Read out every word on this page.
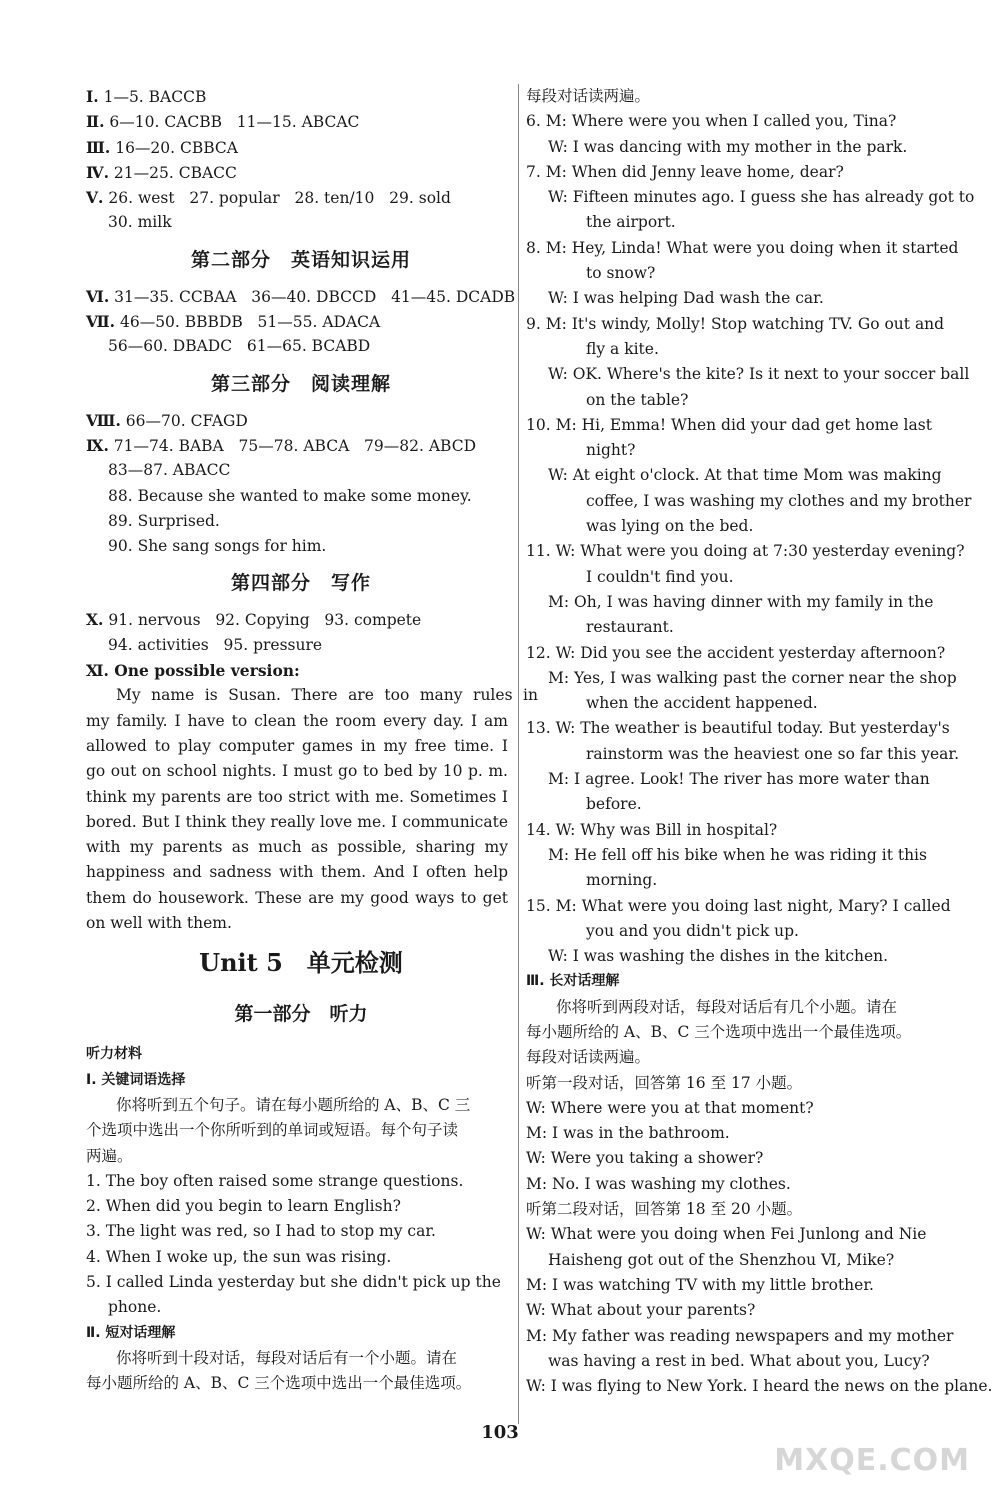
Ⅰ. 1—5. BACCB
Ⅱ. 6—10. CACBB   11—15. ABCAC
Ⅲ. 16—20. CBBCA
Ⅳ. 21—25. CBACC
Ⅴ. 26. west   27. popular   28. ten/10   29. sold
30. milk
第二部分　英语知识运用
Ⅵ. 31—35. CCBAA   36—40. DBCCD   41—45. DCADB
Ⅶ. 46—50. BBBDB   51—55. ADACA
56—60. DBADC   61—65. BCABD
第三部分　阅读理解
Ⅷ. 66—70. CFAGD
Ⅸ. 71—74. BABA   75—78. ABCA   79—82. ABCD
83—87. ABACC
88. Because she wanted to make some money.
89. Surprised.
90. She sang songs for him.
第四部分　写作
Ⅹ. 91. nervous   92. Copying   93. compete
94. activities   95. pressure
Ⅺ. One possible version:
My name is Susan. There are too many rules in
my family. I have to clean the room every day. I am
allowed to play computer games in my free time. I
go out on school nights. I must go to bed by 10 p. m.
think my parents are too strict with me. Sometimes I
bored. But I think they really love me. I communicate
with my parents as much as possible, sharing my
happiness and sadness with them. And I often help
them do housework. These are my good ways to get
on well with them.
Unit 5　单元检测
第一部分　听力
听力材料
Ⅰ. 关键词语选择
你将听到五个句子。请在每小题所给的 A、B、C 三
个选项中选出一个你所听到的单词或短语。每个句子读
两遍。
1. The boy often raised some strange questions.
2. When did you begin to learn English?
3. The light was red, so I had to stop my car.
4. When I woke up, the sun was rising.
5. I called Linda yesterday but she didn't pick up the
phone.
Ⅱ. 短对话理解
你将听到十段对话，每段对话后有一个小题。请在
每小题所给的 A、B、C 三个选项中选出一个最佳选项。
每段对话读两遍。
6. M: Where were you when I called you, Tina?
W: I was dancing with my mother in the park.
7. M: When did Jenny leave home, dear?
W: Fifteen minutes ago. I guess she has already got to
the airport.
8. M: Hey, Linda! What were you doing when it started
to snow?
W: I was helping Dad wash the car.
9. M: It's windy, Molly! Stop watching TV. Go out and
fly a kite.
W: OK. Where's the kite? Is it next to your soccer ball
on the table?
10. M: Hi, Emma! When did your dad get home last
night?
W: At eight o'clock. At that time Mom was making
coffee, I was washing my clothes and my brother
was lying on the bed.
11. W: What were you doing at 7:30 yesterday evening?
I couldn't find you.
M: Oh, I was having dinner with my family in the
restaurant.
12. W: Did you see the accident yesterday afternoon?
M: Yes, I was walking past the corner near the shop
when the accident happened.
13. W: The weather is beautiful today. But yesterday's
rainstorm was the heaviest one so far this year.
M: I agree. Look! The river has more water than
before.
14. W: Why was Bill in hospital?
M: He fell off his bike when he was riding it this
morning.
15. M: What were you doing last night, Mary? I called
you and you didn't pick up.
W: I was washing the dishes in the kitchen.
Ⅲ. 长对话理解
你将听到两段对话，每段对话后有几个小题。请在
每小题所给的 A、B、C 三个选项中选出一个最佳选项。
每段对话读两遍。
听第一段对话，回答第 16 至 17 小题。
W: Where were you at that moment?
M: I was in the bathroom.
W: Were you taking a shower?
M: No. I was washing my clothes.
听第二段对话，回答第 18 至 20 小题。
W: What were you doing when Fei Junlong and Nie
Haisheng got out of the Shenzhou Ⅵ, Mike?
M: I was watching TV with my little brother.
W: What about your parents?
M: My father was reading newspapers and my mother
was having a rest in bed. What about you, Lucy?
W: I was flying to New York. I heard the news on the plane.
103
MXQE.COM
